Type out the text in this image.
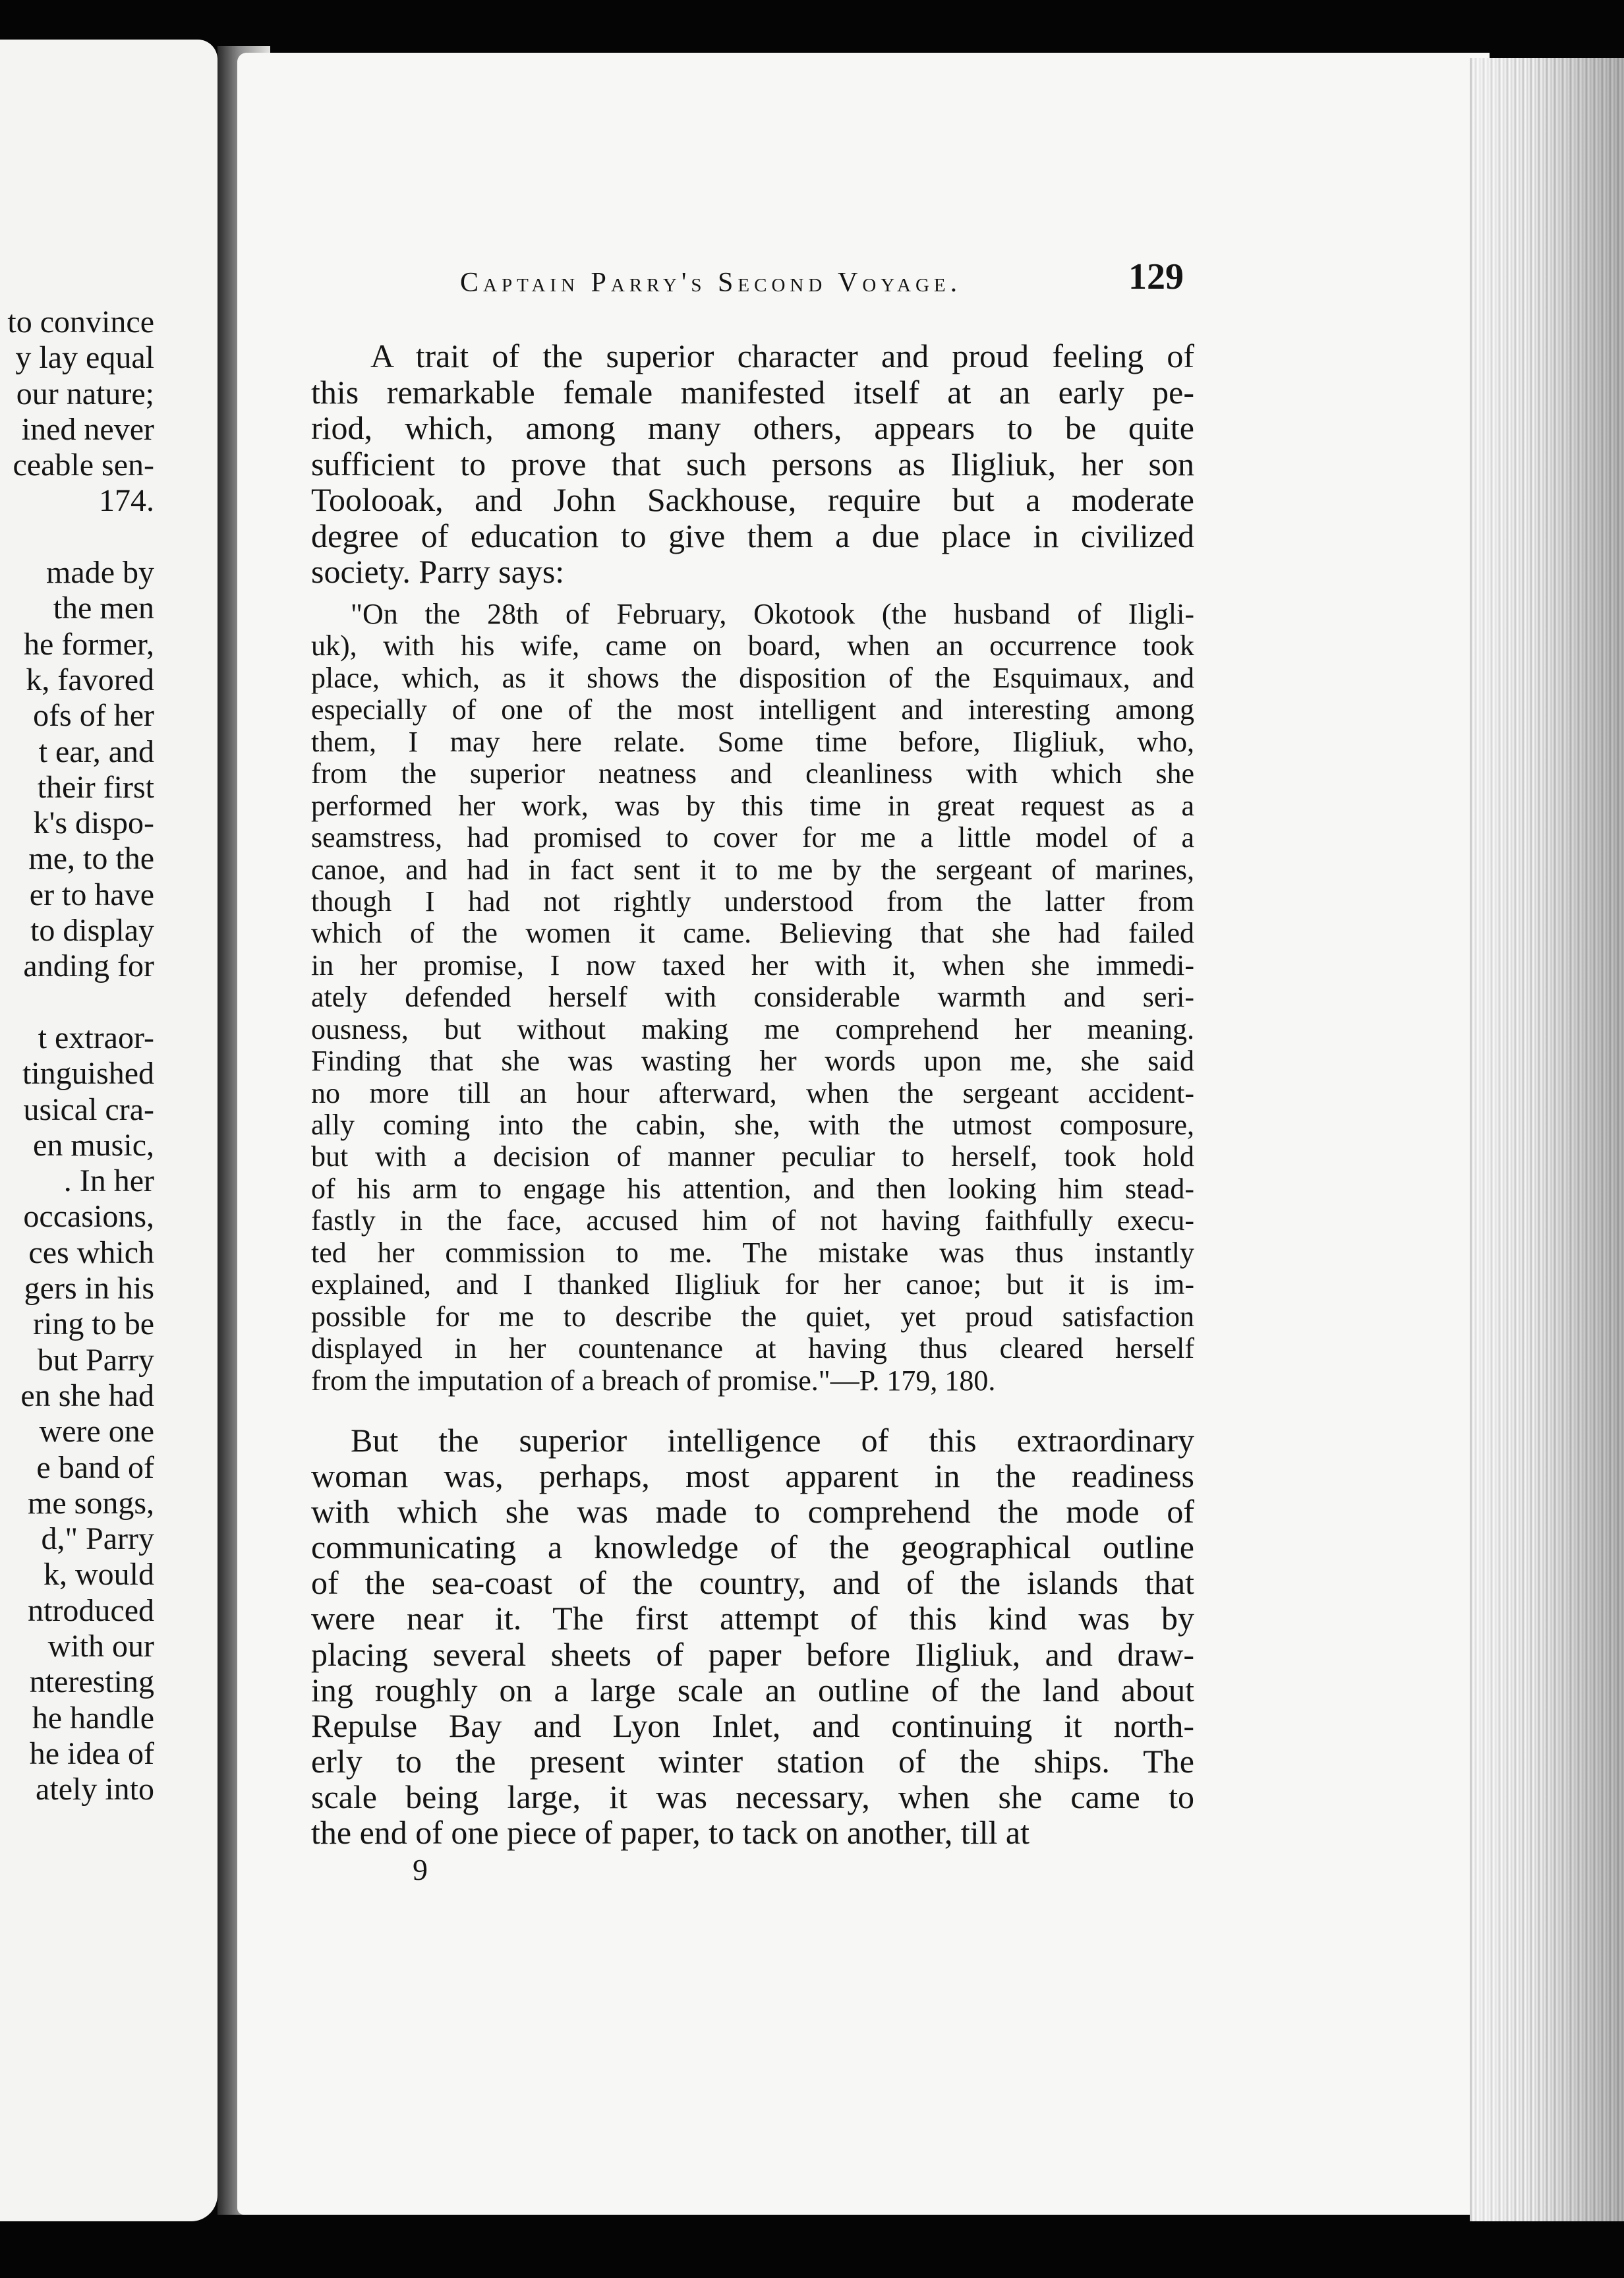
to convince
y lay equal
our nature;
ined never
ceable sen-
174.
made by
the men
he former,
k, favored
ofs of her
t ear, and
their first
k's dispo-
me, to the
er to have
to display
anding for
t extraor-
tinguished
usical cra-
en music,
. In her
occasions,
ces which
gers in his
ring to be
but Parry
en she had
were one
e band of
me songs,
d," Parry
k, would
ntroduced
with our
nteresting
he handle
he idea of
ately into
Captain Parry's Second Voyage.	129
A trait of the superior character and proud feeling of
this remarkable female manifested itself at an early pe-
riod, which, among many others, appears to be quite
sufficient to prove that such persons as Iligliuk, her son
Toolooak, and John Sackhouse, require but a moderate
degree of education to give them a due place in civilized
society. Parry says:
"On the 28th of February, Okotook (the husband of Iligli-
uk), with his wife, came on board, when an occurrence took
place, which, as it shows the disposition of the Esquimaux, and
especially of one of the most intelligent and interesting among
them, I may here relate. Some time before, Iligliuk, who,
from the superior neatness and cleanliness with which she
performed her work, was by this time in great request as a
seamstress, had promised to cover for me a little model of a
canoe, and had in fact sent it to me by the sergeant of marines,
though I had not rightly understood from the latter from
which of the women it came. Believing that she had failed
in her promise, I now taxed her with it, when she immedi-
ately defended herself with considerable warmth and seri-
ousness, but without making me comprehend her meaning.
Finding that she was wasting her words upon me, she said
no more till an hour afterward, when the sergeant accident-
ally coming into the cabin, she, with the utmost composure,
but with a decision of manner peculiar to herself, took hold
of his arm to engage his attention, and then looking him stead-
fastly in the face, accused him of not having faithfully execu-
ted her commission to me. The mistake was thus instantly
explained, and I thanked Iligliuk for her canoe; but it is im-
possible for me to describe the quiet, yet proud satisfaction
displayed in her countenance at having thus cleared herself
from the imputation of a breach of promise."—P. 179, 180.
But the superior intelligence of this extraordinary
woman was, perhaps, most apparent in the readiness
with which she was made to comprehend the mode of
communicating a knowledge of the geographical outline
of the sea-coast of the country, and of the islands that
were near it. The first attempt of this kind was by
placing several sheets of paper before Iligliuk, and draw-
ing roughly on a large scale an outline of the land about
Repulse Bay and Lyon Inlet, and continuing it north-
erly to the present winter station of the ships. The
scale being large, it was necessary, when she came to
the end of one piece of paper, to tack on another, till at
9
